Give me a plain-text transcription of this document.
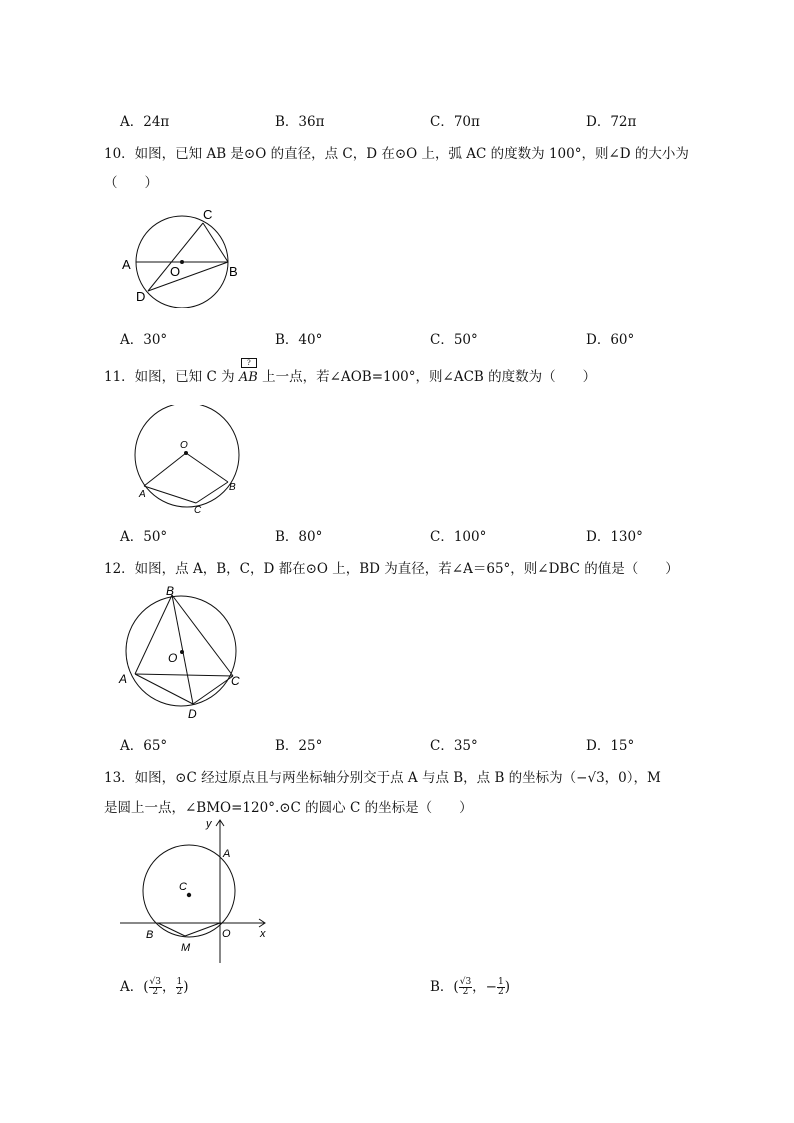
A．24π	B．36π	C．70π	D．72π
10．如图，已知 AB 是⊙O 的直径，点 C，D 在⊙O 上，弧 AC 的度数为 100°，则∠D 的大小为
（　　）
A	B
C
D
O
A．30°	B．40°	C．50°	D．60°
11．如图，已知 C 为
?
AB 上一点，若∠AOB=100°，则∠ACB 的度数为（　　）
O
A
C
B
A．50°	B．80°	C．100°	D．130°
12．如图，点 A，B，C，D 都在⊙O 上，BD 为直径，若∠A＝65°，则∠DBC 的值是（　　）
B
O
A	C
D
A．65°	B．25°	C．35°	D．15°
13．如图，⊙C 经过原点且与两坐标轴分别交于点 A 与点 B，点 B 的坐标为（−√3，0），M
是圆上一点，∠BMO=120°.⊙C 的圆心 C 的坐标是（　　）
y
A
C
B
M
O	x
A．( $\frac{√3}{2}$ ， $\frac{1}{2}$ )	B．( $\frac{√3}{2}$ ，− $\frac{1}{2}$ )
